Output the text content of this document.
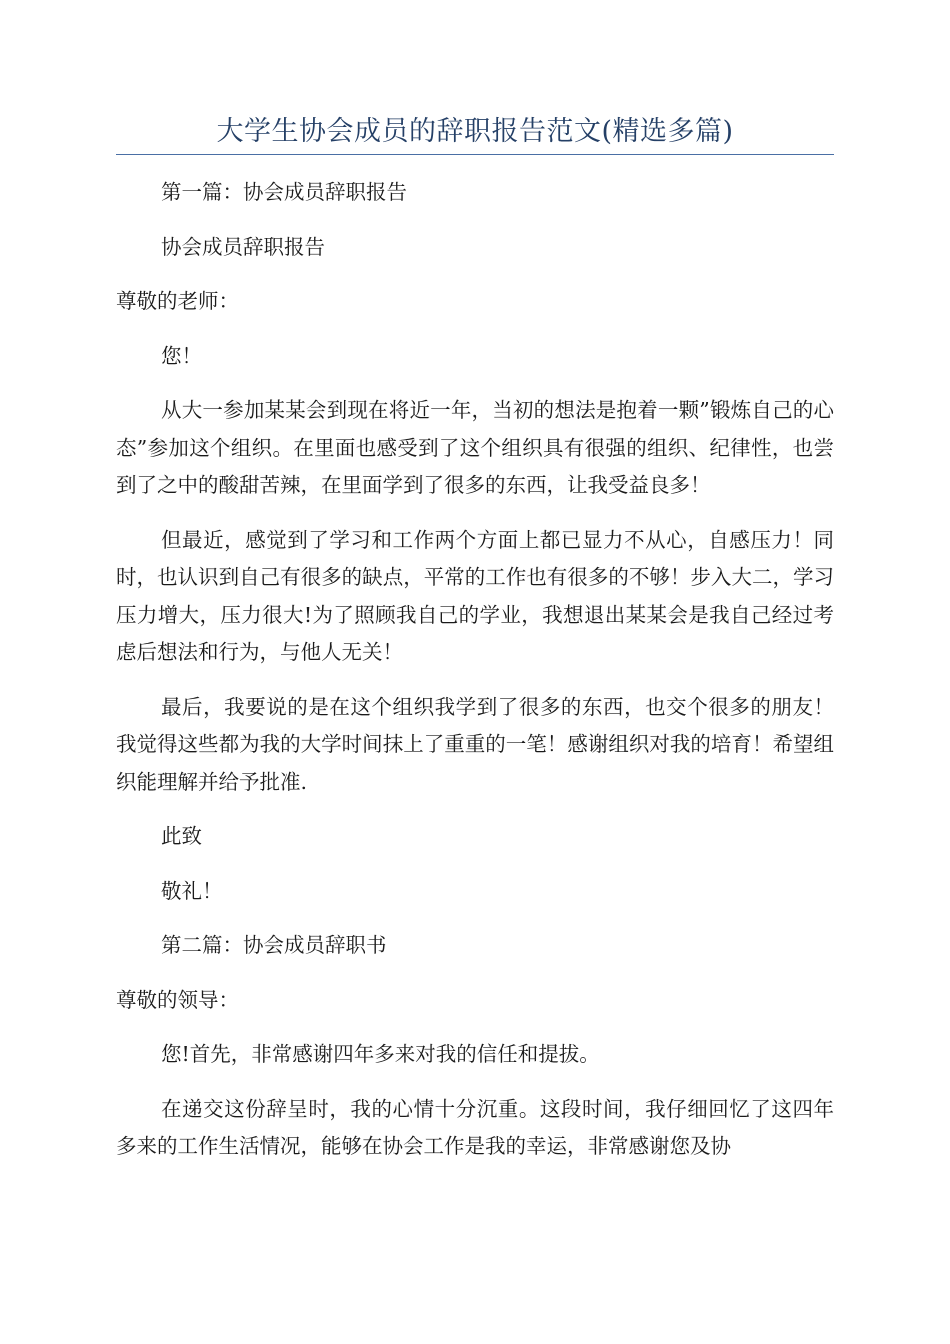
大学生协会成员的辞职报告范文(精选多篇)

第一篇：协会成员辞职报告

协会成员辞职报告

尊敬的老师：

您！

从大一参加某某会到现在将近一年，当初的想法是抱着一颗”锻炼自己的心态”参加这个组织。在里面也感受到了这个组织具有很强的组织、纪律性，也尝到了之中的酸甜苦辣，在里面学到了很多的东西，让我受益良多！

但最近，感觉到了学习和工作两个方面上都已显力不从心，自感压力！同时，也认识到自己有很多的缺点，平常的工作也有很多的不够！步入大二，学习压力增大，压力很大!为了照顾我自己的学业，我想退出某某会是我自己经过考虑后想法和行为，与他人无关！

最后，我要说的是在这个组织我学到了很多的东西，也交个很多的朋友！我觉得这些都为我的大学时间抹上了重重的一笔！感谢组织对我的培育！希望组织能理解并给予批准.

此致

敬礼！

第二篇：协会成员辞职书

尊敬的领导：

您!首先，非常感谢四年多来对我的信任和提拔。

在递交这份辞呈时，我的心情十分沉重。这段时间，我仔细回忆了这四年多来的工作生活情况，能够在协会工作是我的幸运，非常感谢您及协
